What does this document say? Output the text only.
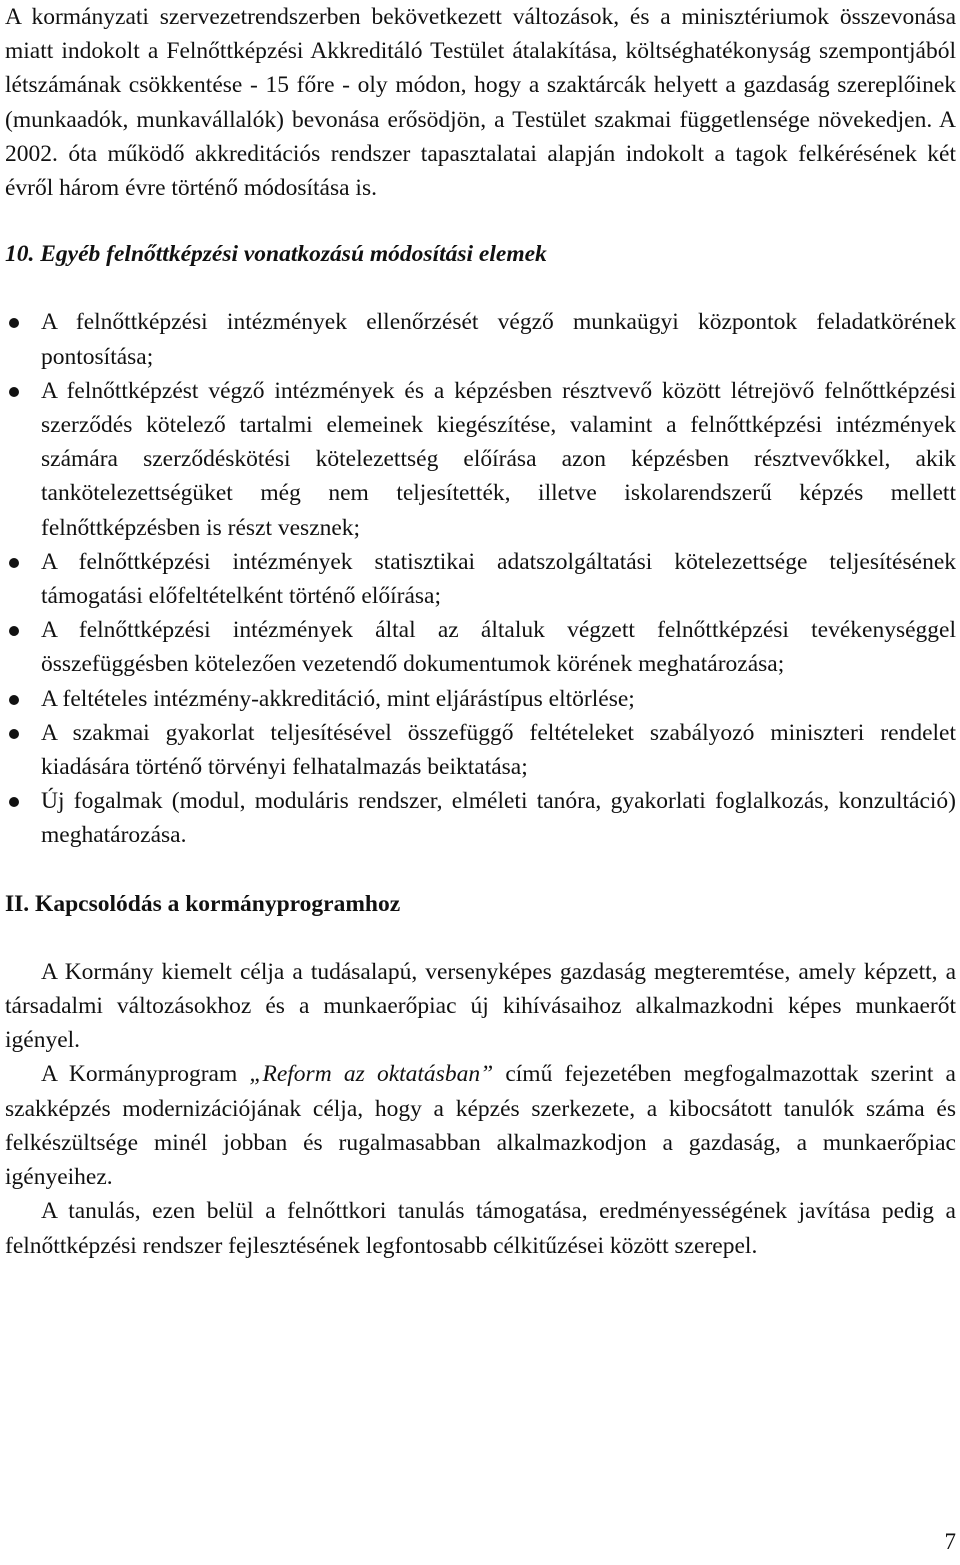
A kormányzati szervezetrendszerben bekövetkezett változások, és a minisztériumok összevonása miatt indokolt a Felnőttképzési Akkreditáló Testület átalakítása, költséghatékonyság szempontjából létszámának csökkentése - 15 főre - oly módon, hogy a szaktárcák helyett a gazdaság szereplőinek (munkaadók, munkavállalók) bevonása erősödjön, a Testület szakmai függetlensége növekedjen. A 2002. óta működő akkreditációs rendszer tapasztalatai alapján indokolt a tagok felkérésének két évről három évre történő módosítása is.

10. Egyéb felnőttképzési vonatkozású módosítási elemek

A felnőttképzési intézmények ellenőrzését végző munkaügyi központok feladatkörének pontosítása;
A felnőttképzést végző intézmények és a képzésben résztvevő között létrejövő felnőttképzési szerződés kötelező tartalmi elemeinek kiegészítése, valamint a felnőttképzési intézmények számára szerződéskötési kötelezettség előírása azon képzésben résztvevőkkel, akik tankötelezettségüket még nem teljesítették, illetve iskolarendszerű képzés mellett felnőttképzésben is részt vesznek;
A felnőttképzési intézmények statisztikai adatszolgáltatási kötelezettsége teljesítésének támogatási előfeltételként történő előírása;
A felnőttképzési intézmények által az általuk végzett felnőttképzési tevékenységgel összefüggésben kötelezően vezetendő dokumentumok körének meghatározása;
A feltételes intézmény-akkreditáció, mint eljárástípus eltörlése;
A szakmai gyakorlat teljesítésével összefüggő feltételeket szabályozó miniszteri rendelet kiadására történő törvényi felhatalmazás beiktatása;
Új fogalmak (modul, moduláris rendszer, elméleti tanóra, gyakorlati foglalkozás, konzultáció) meghatározása.

II. Kapcsolódás a kormányprogramhoz

A Kormány kiemelt célja a tudásalapú, versenyképes gazdaság megteremtése, amely képzett, a társadalmi változásokhoz és a munkaerőpiac új kihívásaihoz alkalmazkodni képes munkaerőt igényel.

A Kormányprogram „Reform az oktatásban” című fejezetében megfogalmazottak szerint a szakképzés modernizációjának célja, hogy a képzés szerkezete, a kibocsátott tanulók száma és felkészültsége minél jobban és rugalmasabban alkalmazkodjon a gazdaság, a munkaerőpiac igényeihez.

A tanulás, ezen belül a felnőttkori tanulás támogatása, eredményességének javítása pedig a felnőttképzési rendszer fejlesztésének legfontosabb célkitűzései között szerepel.

7
